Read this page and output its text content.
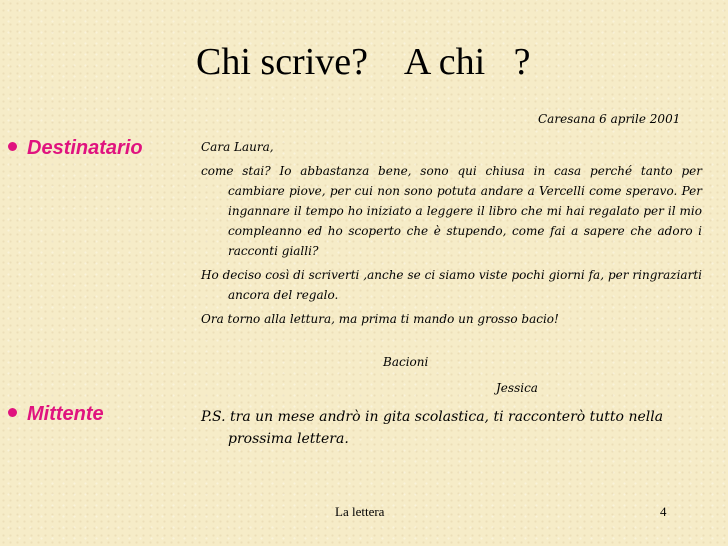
Chi scrive?    A chi   ?
Destinatario
Mittente
Caresana 6 aprile 2001
Cara Laura,
come stai? Io abbastanza bene, sono qui chiusa in casa perché tanto per cambiare piove, per cui non sono potuta andare a Vercelli come speravo. Per ingannare il tempo ho iniziato a leggere il libro che mi hai regalato per il mio compleanno ed ho scoperto che è stupendo, come fai a sapere che adoro i racconti gialli?
Ho deciso così di scriverti ,anche se ci siamo viste pochi giorni fa, per ringraziarti ancora del regalo.
Ora torno alla lettura, ma prima ti mando un grosso bacio!
Bacioni
Jessica
P.S. tra un mese andrò in gita scolastica, ti racconterò tutto nella prossima lettera.
La lettera	4
